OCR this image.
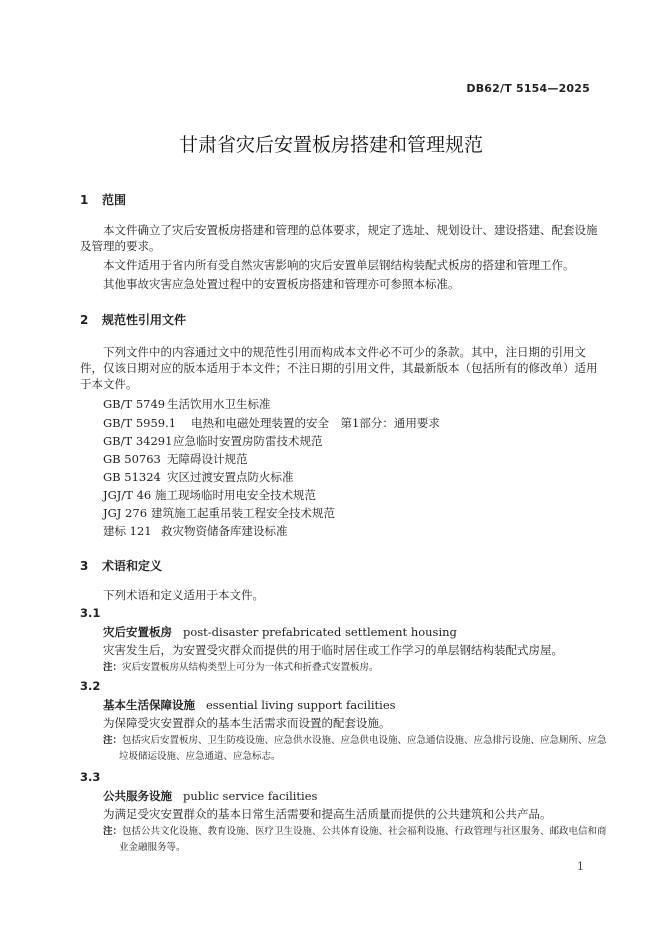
DB62/T 5154—2025
甘肃省灾后安置板房搭建和管理规范
1 范围
本文件确立了灾后安置板房搭建和管理的总体要求，规定了选址、规划设计、建设搭建、配套设施及管理的要求。
本文件适用于省内所有受自然灾害影响的灾后安置单层钢结构装配式板房的搭建和管理工作。
其他事故灾害应急处置过程中的安置板房搭建和管理亦可参照本标准。
2 规范性引用文件
下列文件中的内容通过文中的规范性引用而构成本文件必不可少的条款。其中，注日期的引用文件，仅该日期对应的版本适用于本文件；不注日期的引用文件，其最新版本（包括所有的修改单）适用于本文件。
GB/T 5749 生活饮用水卫生标准
GB/T 5959.1 电热和电磁处理装置的安全　第1部分：通用要求
GB/T 34291应急临时安置房防雷技术规范
GB 50763 无障碍设计规范
GB 51324 灾区过渡安置点防火标准
JGJ/T 46 施工现场临时用电安全技术规范
JGJ 276 建筑施工起重吊装工程安全技术规范
建标 121 救灾物资储备库建设标准
3 术语和定义
下列术语和定义适用于本文件。
3.1
灾后安置板房 post-disaster prefabricated settlement housing
灾害发生后，为安置受灾群众而提供的用于临时居住或工作学习的单层钢结构装配式房屋。
注：灾后安置板房从结构类型上可分为一体式和折叠式安置板房。
3.2
基本生活保障设施 essential living support facilities
为保障受灾安置群众的基本生活需求而设置的配套设施。
注：包括灾后安置板房、卫生防疫设施、应急供水设施、应急供电设施、应急通信设施、应急排污设施、应急厕所、应急垃圾储运设施、应急通道、应急标志。
3.3
公共服务设施 public service facilities
为满足受灾安置群众的基本日常生活需要和提高生活质量而提供的公共建筑和公共产品。
注：包括公共文化设施、教育设施、医疗卫生设施、公共体育设施、社会福利设施、行政管理与社区服务、邮政电信和商业金融服务等。
1
